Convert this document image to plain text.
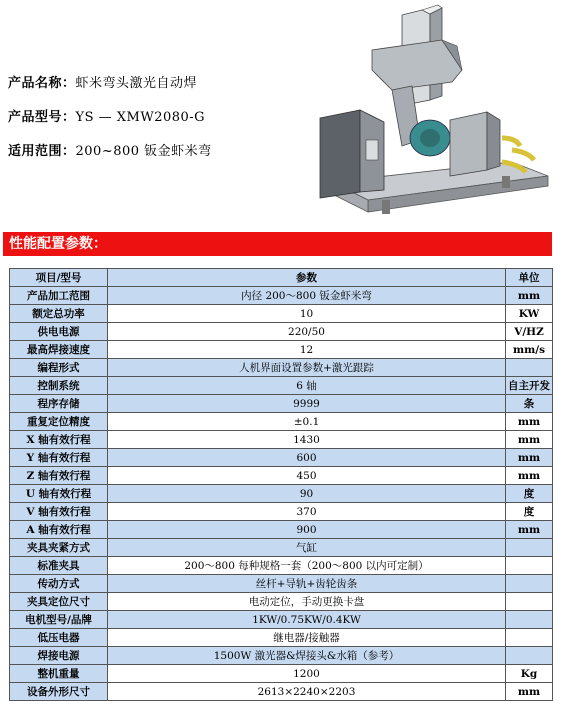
产品名称：虾米弯头激光自动焊
产品型号：YS — XMW2080-G
适用范围：200~800 钣金虾米弯
性能配置参数：
项目/型号	参数	单位
产品加工范围	内径 200～800 钣金虾米弯	mm
额定总功率	10	KW
供电电源	220/50	V/HZ
最高焊接速度	12	mm/s
编程形式	人机界面设置参数+激光跟踪	
控制系统	6 轴	自主开发
程序存储	9999	条
重复定位精度	±0.1	mm
X 轴有效行程	1430	mm
Y 轴有效行程	600	mm
Z 轴有效行程	450	mm
U 轴有效行程	90	度
V 轴有效行程	370	度
A 轴有效行程	900	mm
夹具夹紧方式	气缸	
标准夹具	200～800 每种规格一套（200～800 以内可定制）	
传动方式	丝杆+导轨+齿轮齿条	
夹具定位尺寸	电动定位，手动更换卡盘	
电机型号/品牌	1KW/0.75KW/0.4KW	
低压电器	继电器/接触器	
焊接电源	1500W 激光器&焊接头&水箱（参考）	
整机重量	1200	Kg
设备外形尺寸	2613×2240×2203	mm
